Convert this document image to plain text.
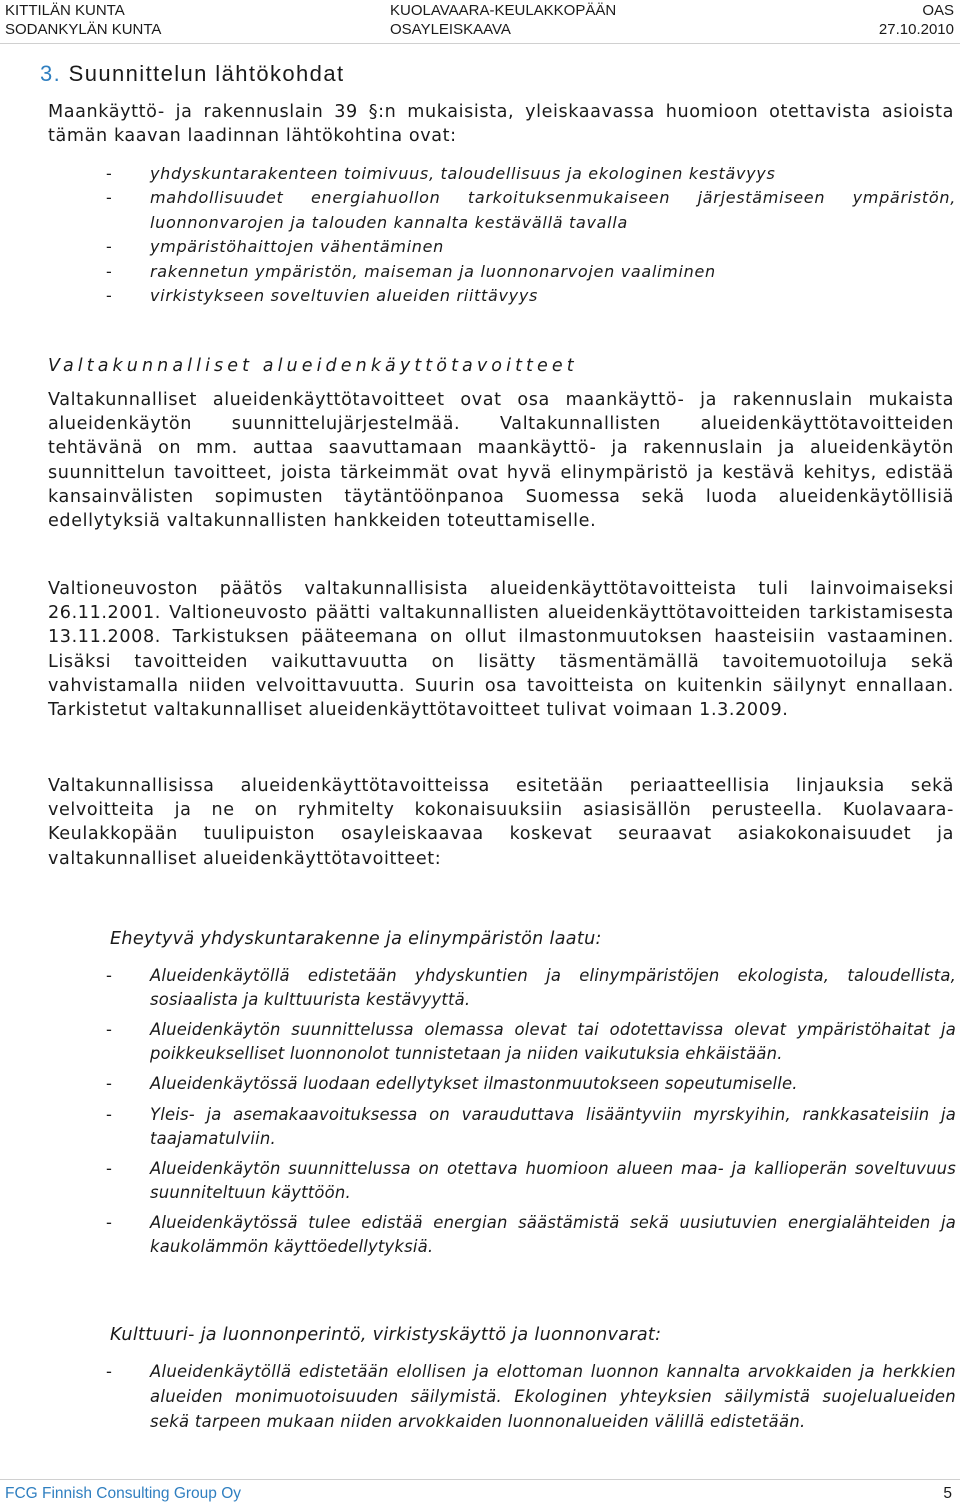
KITTILÄN KUNTA
SODANKYLÄN KUNTA
KUOLAVAARA-KEULAKKOPÄÄN
OSAYLEISKAAVA
OAS
27.10.2010
3. Suunnittelun lähtökohdat

Maankäyttö- ja rakennuslain 39 §:n mukaisista, yleiskaavassa huomioon otettavista asioista tämän kaavan laadinnan lähtökohtina ovat:

- yhdyskuntarakenteen toimivuus, taloudellisuus ja ekologinen kestävyys
- mahdollisuudet energiahuollon tarkoituksenmukaiseen järjestämiseen ympäristön, luonnonvarojen ja talouden kannalta kestävällä tavalla
- ympäristöhaittojen vähentäminen
- rakennetun ympäristön, maiseman ja luonnonarvojen vaaliminen
- virkistykseen soveltuvien alueiden riittävyys

Valtakunnalliset alueidenkäyttötavoitteet

Valtakunnalliset alueidenkäyttötavoitteet ovat osa maankäyttö- ja rakennuslain mukaista alueidenkäytön suunnittelujärjestelmää. Valtakunnallisten alueidenkäyttötavoitteiden tehtävänä on mm. auttaa saavuttamaan maankäyttö- ja rakennuslain ja alueidenkäytön suunnittelun tavoitteet, joista tärkeimmät ovat hyvä elinympäristö ja kestävä kehitys, edistää kansainvälisten sopimusten täytäntöönpanoa Suomessa sekä luoda alueidenkäytöllisiä edellytyksiä valtakunnallisten hankkeiden toteuttamiselle.

Valtioneuvoston päätös valtakunnallisista alueidenkäyttötavoitteista tuli lainvoimaiseksi 26.11.2001. Valtioneuvosto päätti valtakunnallisten alueidenkäyttötavoitteiden tarkistamisesta 13.11.2008. Tarkistuksen pääteemana on ollut ilmastonmuutoksen haasteisiin vastaaminen. Lisäksi tavoitteiden vaikuttavuutta on lisätty täsmentämällä tavoitemuotoiluja sekä vahvistamalla niiden velvoittavuutta. Suurin osa tavoitteista on kuitenkin säilynyt ennallaan. Tarkistetut valtakunnalliset alueidenkäyttötavoitteet tulivat voimaan 1.3.2009.

Valtakunnallisissa alueidenkäyttötavoitteissa esitetään periaatteellisia linjauksia sekä velvoitteita ja ne on ryhmitelty kokonaisuuksiin asiasisällön perusteella. Kuolavaara-Keulakkopään tuulipuiston osayleiskaavaa koskevat seuraavat asiakokonaisuudet ja valtakunnalliset alueidenkäyttötavoitteet:

Eheytyvä yhdyskuntarakenne ja elinympäristön laatu:

- Alueidenkäytöllä edistetään yhdyskuntien ja elinympäristöjen ekologista, taloudellista, sosiaalista ja kulttuurista kestävyyttä.
- Alueidenkäytön suunnittelussa olemassa olevat tai odotettavissa olevat ympäristöhaitat ja poikkeukselliset luonnonolot tunnistetaan ja niiden vaikutuksia ehkäistään.
- Alueidenkäytössä luodaan edellytykset ilmastonmuutokseen sopeutumiselle.
- Yleis- ja asemakaavoituksessa on varauduttava lisääntyviin myrskyihin, rankkasateisiin ja taajamatulviin.
- Alueidenkäytön suunnittelussa on otettava huomioon alueen maa- ja kallioperän soveltuvuus suunniteltuun käyttöön.
- Alueidenkäytössä tulee edistää energian säästämistä sekä uusiutuvien energialähteiden ja kaukolämmön käyttöedellytyksiä.

Kulttuuri- ja luonnonperintö, virkistyskäyttö ja luonnonvarat:

- Alueidenkäytöllä edistetään elollisen ja elottoman luonnon kannalta arvokkaiden ja herkkien alueiden monimuotoisuuden säilymistä. Ekologinen yhteyksien säilymistä suojelualueiden sekä tarpeen mukaan niiden arvokkaiden luonnonalueiden välillä edistetään.
FCG Finnish Consulting Group Oy	5
